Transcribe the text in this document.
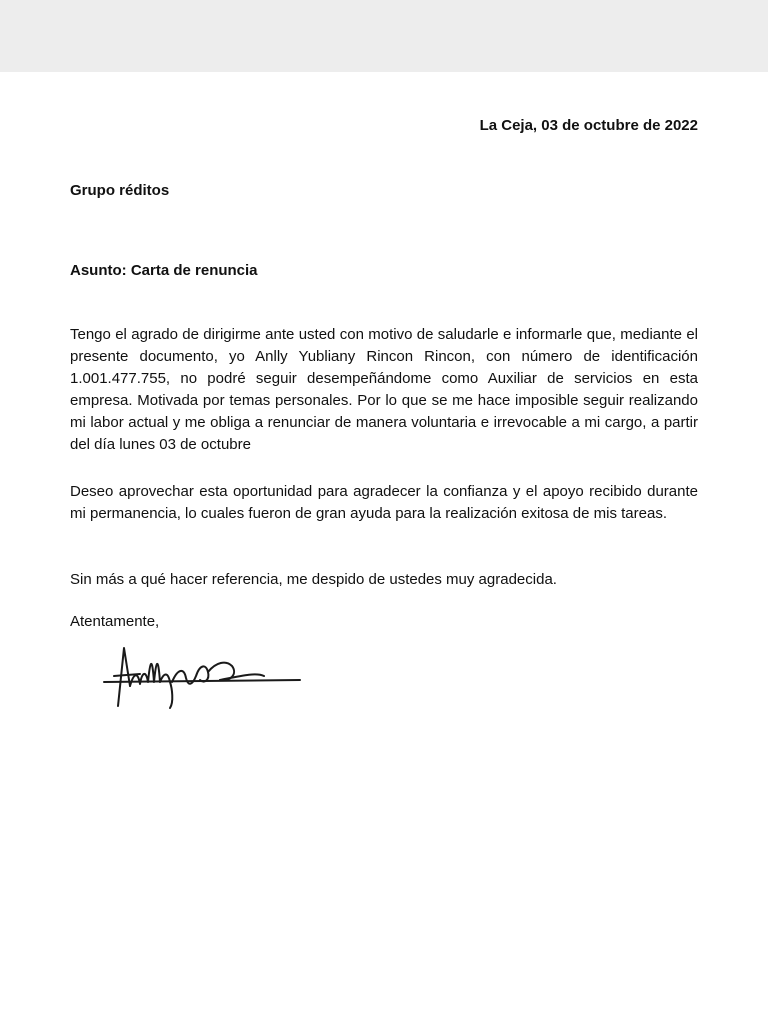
La Ceja, 03 de octubre de 2022
Grupo réditos
Asunto: Carta de renuncia

Tengo el agrado de dirigirme ante usted con motivo de saludarle e informarle que, mediante el presente documento, yo Anlly Yubliany Rincon Rincon, con número de identificación 1.001.477.755, no podré seguir desempeñándome como Auxiliar de servicios en esta empresa. Motivada por temas personales. Por lo que se me hace imposible seguir realizando mi labor actual y me obliga a renunciar de manera voluntaria e irrevocable a mi cargo, a partir del día lunes 03 de octubre

Deseo aprovechar esta oportunidad para agradecer la confianza y el apoyo recibido durante mi permanencia, lo cuales fueron de gran ayuda para la realización exitosa de mis tareas.

Sin más a qué hacer referencia, me despido de ustedes muy agradecida.

Atentamente,
